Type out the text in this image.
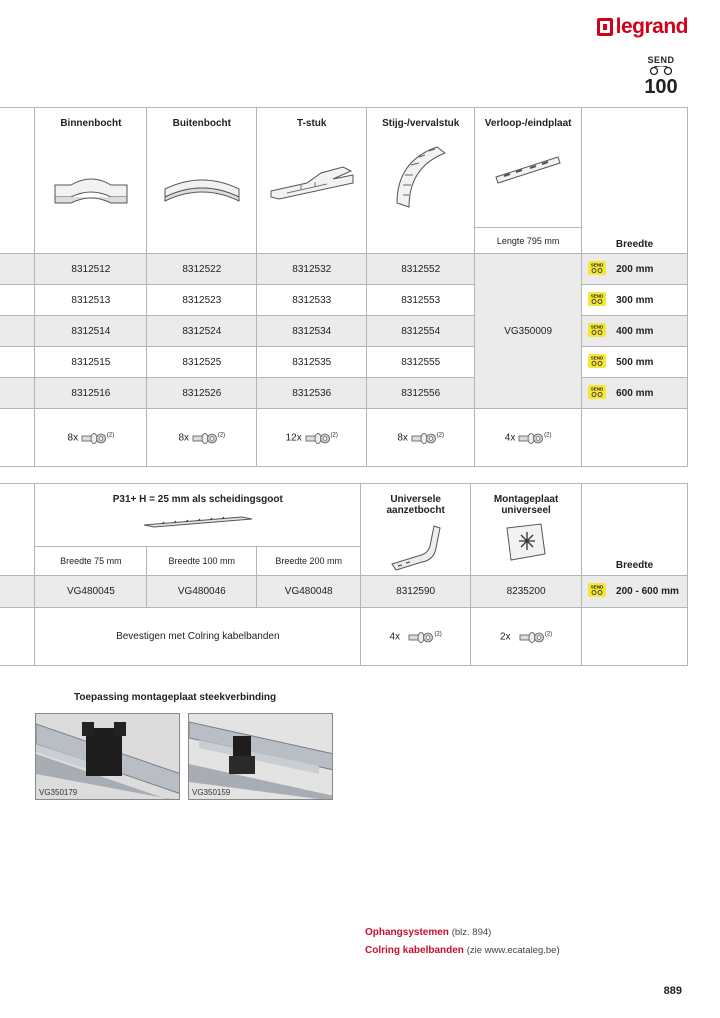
legrand
SEND
100

	Binnenbocht	Buitenbocht	T-stuk	Stijg-/vervalstuk	Verloop-/eindplaat	Breedte
					Lengte 795 mm	
	8312512	8312522	8312532	8312552	VG350009	SEND 200 mm
	8312513	8312523	8312533	8312553		SEND 300 mm
	8312514	8312524	8312534	8312554		SEND 400 mm
	8312515	8312525	8312535	8312555		SEND 500 mm
	8312516	8312526	8312536	8312556		SEND 600 mm
	8x $^{(2)}$	8x $^{(2)}$	12x $^{(2)}$	8x $^{(2)}$	4x $^{(2)}$	

	P31+ H = 25 mm als scheidingsgoot			Universele aanzetbocht	Montageplaat universeel	Breedte
	Breedte 75 mm	Breedte 100 mm	Breedte 200 mm			
	VG480045	VG480046	VG480048	8312590	8235200	SEND 200 - 600 mm
	Bevestigen met Colring kabelbanden			4x $^{(2)}$	2x $^{(2)}$	
Toepassing montageplaat steekverbinding
VG350179	VG350159
Ophangsystemen (blz. 894)
Colring kabelbanden (zie www.ecataleg.be)
889
